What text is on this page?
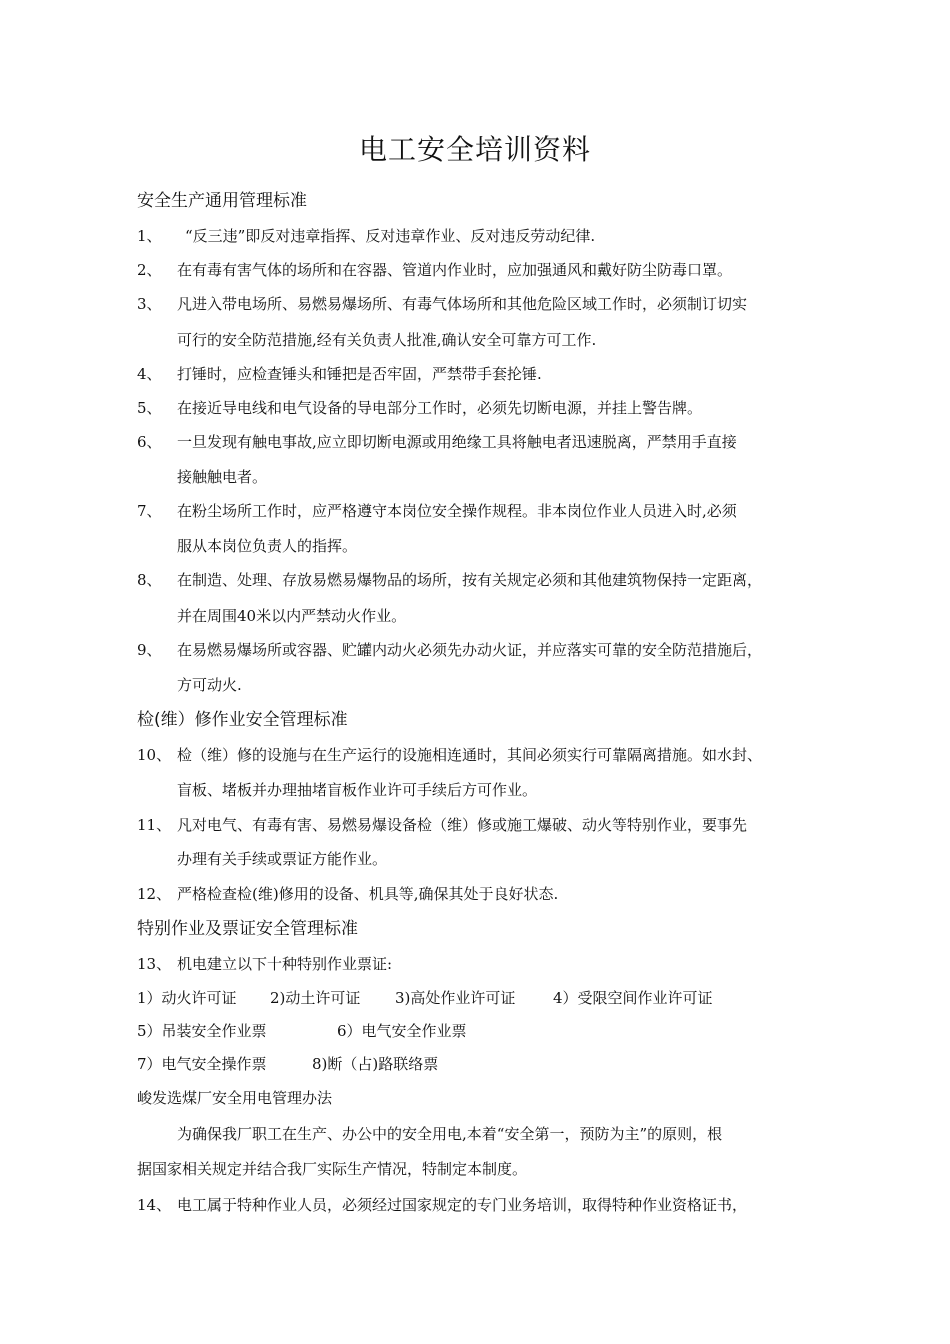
电工安全培训资料
安全生产通用管理标准
1、 “反三违”即反对违章指挥、反对违章作业、反对违反劳动纪律.
2、 在有毒有害气体的场所和在容器、管道内作业时，应加强通风和戴好防尘防毒口罩。
3、 凡进入带电场所、易燃易爆场所、有毒气体场所和其他危险区域工作时，必须制订切实
可行的安全防范措施,经有关负责人批准,确认安全可靠方可工作.
4、 打锤时，应检查锤头和锤把是否牢固，严禁带手套抡锤.
5、 在接近导电线和电气设备的导电部分工作时，必须先切断电源，并挂上警告牌。
6、 一旦发现有触电事故,应立即切断电源或用绝缘工具将触电者迅速脱离，严禁用手直接
接触触电者。
7、 在粉尘场所工作时，应严格遵守本岗位安全操作规程。非本岗位作业人员进入时,必须
服从本岗位负责人的指挥。
8、 在制造、处理、存放易燃易爆物品的场所，按有关规定必须和其他建筑物保持一定距离，
并在周围40米以内严禁动火作业。
9、 在易燃易爆场所或容器、贮罐内动火必须先办动火证，并应落实可靠的安全防范措施后，
方可动火.
检(维）修作业安全管理标准
10、 检（维）修的设施与在生产运行的设施相连通时，其间必须实行可靠隔离措施。如水封、
盲板、堵板并办理抽堵盲板作业许可手续后方可作业。
11、 凡对电气、有毒有害、易燃易爆设备检（维）修或施工爆破、动火等特别作业，要事先
办理有关手续或票证方能作业。
12、 严格检查检(维)修用的设备、机具等,确保其处于良好状态.
特别作业及票证安全管理标准
13、 机电建立以下十种特别作业票证:
1）动火许可证 2)动土许可证 3)高处作业许可证	4）受限空间作业许可证
5）吊装安全作业票	6）电气安全作业票
7）电气安全操作票	8)断（占)路联络票
峻发选煤厂安全用电管理办法
为确保我厂职工在生产、办公中的安全用电,本着“安全第一，预防为主”的原则，根
据国家相关规定并结合我厂实际生产情况，特制定本制度。
14、 电工属于特种作业人员，必须经过国家规定的专门业务培训，取得特种作业资格证书，
